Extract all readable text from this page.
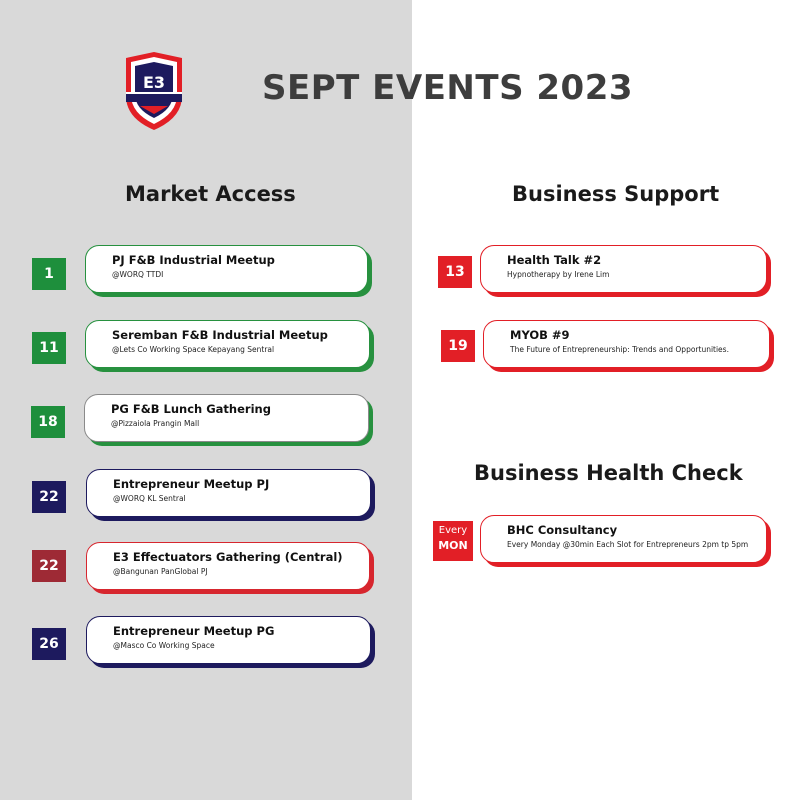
E3	SEPT EVENTS 2023
Market Access	Business Support
Business Health Check
1
PJ F&B Industrial Meetup
@WORQ TTDI
11
Seremban F&B Industrial Meetup
@Lets Co Working Space Kepayang Sentral
18
PG F&B Lunch Gathering
@Pizzaiola Prangin Mall
22
Entrepreneur Meetup PJ
@WORQ KL Sentral
22
E3 Effectuators Gathering (Central)
@Bangunan PanGlobal PJ
26
Entrepreneur Meetup PG
@Masco Co Working Space
13
Health Talk #2
Hypnotherapy by Irene Lim
19
MYOB #9
The Future of Entrepreneurship: Trends and Opportunities.
Every
MON
BHC Consultancy
Every Monday @30min Each Slot for Entrepreneurs 2pm tp 5pm
